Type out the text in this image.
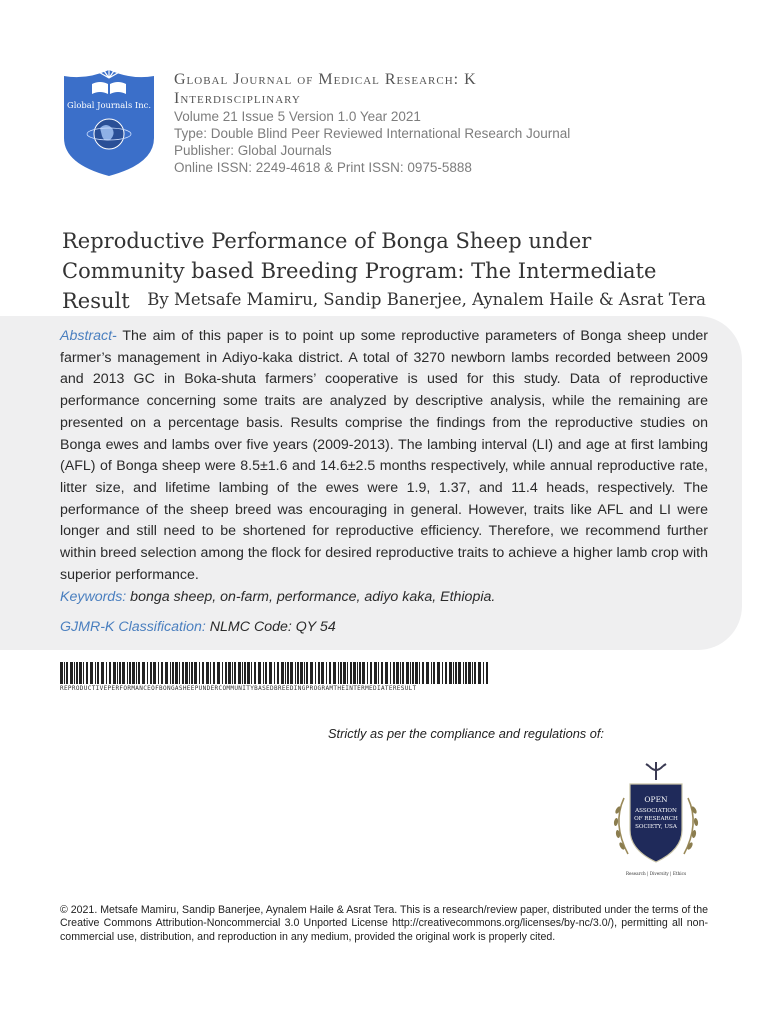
Global Journals Inc.
Global Journal of Medical Research: K Interdisciplinary
Volume 21 Issue 5 Version 1.0 Year 2021
Type: Double Blind Peer Reviewed International Research Journal
Publisher: Global Journals
Online ISSN: 2249-4618 & Print ISSN: 0975-5888
Reproductive Performance of Bonga Sheep under Community based Breeding Program: The Intermediate Result	By Metsafe Mamiru, Sandip Banerjee, Aynalem Haile & Asrat Tera
Abstract- The aim of this paper is to point up some reproductive parameters of Bonga sheep under farmer’s management in Adiyo-kaka district. A total of 3270 newborn lambs recorded between 2009 and 2013 GC in Boka-shuta farmers’ cooperative is used for this study. Data of reproductive performance concerning some traits are analyzed by descriptive analysis, while the remaining are presented on a percentage basis. Results comprise the findings from the reproductive studies on Bonga ewes and lambs over five years (2009-2013). The lambing interval (LI) and age at first lambing (AFL) of Bonga sheep were 8.5±1.6 and 14.6±2.5 months respectively, while annual reproductive rate, litter size, and lifetime lambing of the ewes were 1.9, 1.37, and 11.4 heads, respectively. The performance of the sheep breed was encouraging in general. However, traits like AFL and LI were longer and still need to be shortened for reproductive efficiency. Therefore, we recommend further within breed selection among the flock for desired reproductive traits to achieve a higher lamb crop with superior performance.
Keywords: bonga sheep, on-farm, performance, adiyo kaka, Ethiopia.
GJMR-K Classification: NLMC Code: QY 54
REPRODUCTIVEPERFORMANCEOFBONGASHEEPUNDERCOMMUNITYBASEDBREEDINGPROGRAMTHEINTERMEDIATERESULT
Strictly as per the compliance and regulations of:
OPEN
ASSOCIATION
OF RESEARCH
SOCIETY, USA
Research | Diversity | Ethics
© 2021. Metsafe Mamiru, Sandip Banerjee, Aynalem Haile & Asrat Tera. This is a research/review paper, distributed under the terms of the Creative Commons Attribution-Noncommercial 3.0 Unported License http://creativecommons.org/licenses/by-nc/3.0/), permitting all non-commercial use, distribution, and reproduction in any medium, provided the original work is properly cited.
